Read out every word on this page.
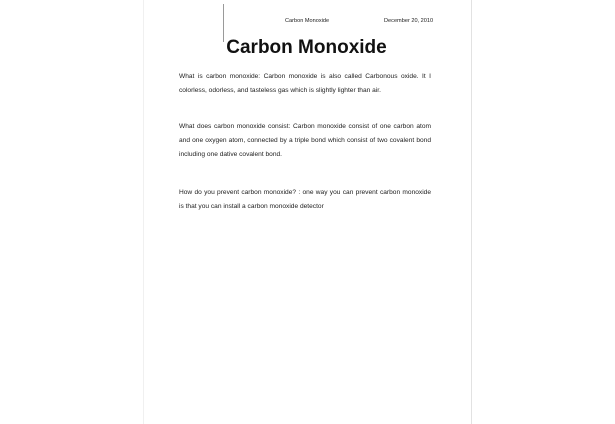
Carbon Monoxide	December 20, 2010
Carbon Monoxide

What is carbon monoxide: Carbon monoxide is also called Carbonous oxide. It I colorless, odorless, and tasteless gas which is slightly lighter than air.

What does carbon monoxide consist: Carbon monoxide consist of one carbon atom and one oxygen atom, connected by a triple bond which consist of two covalent bond including one dative covalent bond.

How do you prevent carbon monoxide? : one way you can prevent carbon monoxide is that you can install a carbon monoxide detector
